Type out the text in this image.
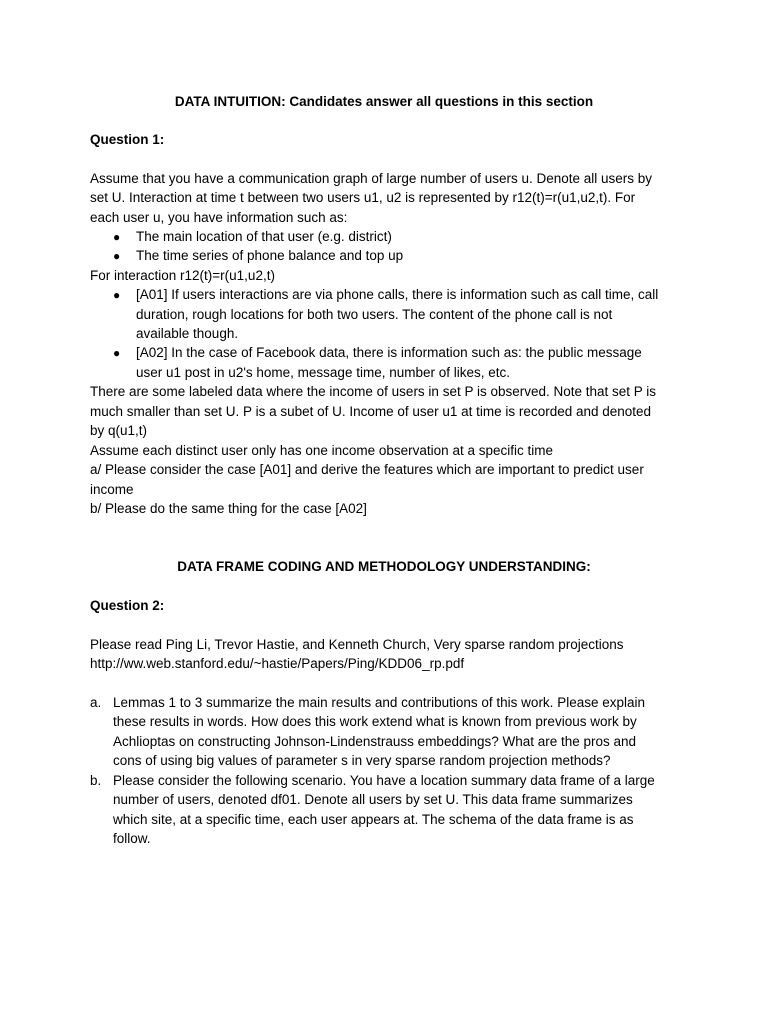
DATA INTUITION: Candidates answer all questions in this section
Question 1:
Assume that you have a communication graph of large number of users u. Denote all users by
set U. Interaction at time t between two users u1, u2 is represented by r12(t)=r(u1,u2,t). For
each user u, you have information such as:
● The main location of that user (e.g. district)
● The time series of phone balance and top up
For interaction r12(t)=r(u1,u2,t)
● [A01] If users interactions are via phone calls, there is information such as call time, call
duration, rough locations for both two users. The content of the phone call is not
available though.
● [A02] In the case of Facebook data, there is information such as: the public message
user u1 post in u2's home, message time, number of likes, etc.
There are some labeled data where the income of users in set P is observed. Note that set P is
much smaller than set U. P is a subet of U. Income of user u1 at time is recorded and denoted
by q(u1,t)
Assume each distinct user only has one income observation at a specific time
a/ Please consider the case [A01] and derive the features which are important to predict user
income
b/ Please do the same thing for the case [A02]
DATA FRAME CODING AND METHODOLOGY UNDERSTANDING:
Question 2:
Please read Ping Li, Trevor Hastie, and Kenneth Church, Very sparse random projections
http://ww.web.stanford.edu/~hastie/Papers/Ping/KDD06_rp.pdf
a. Lemmas 1 to 3 summarize the main results and contributions of this work. Please explain
these results in words. How does this work extend what is known from previous work by
Achlioptas on constructing Johnson-Lindenstrauss embeddings? What are the pros and
cons of using big values of parameter s in very sparse random projection methods?
b. Please consider the following scenario. You have a location summary data frame of a large
number of users, denoted df01. Denote all users by set U. This data frame summarizes
which site, at a specific time, each user appears at. The schema of the data frame is as
follow.
